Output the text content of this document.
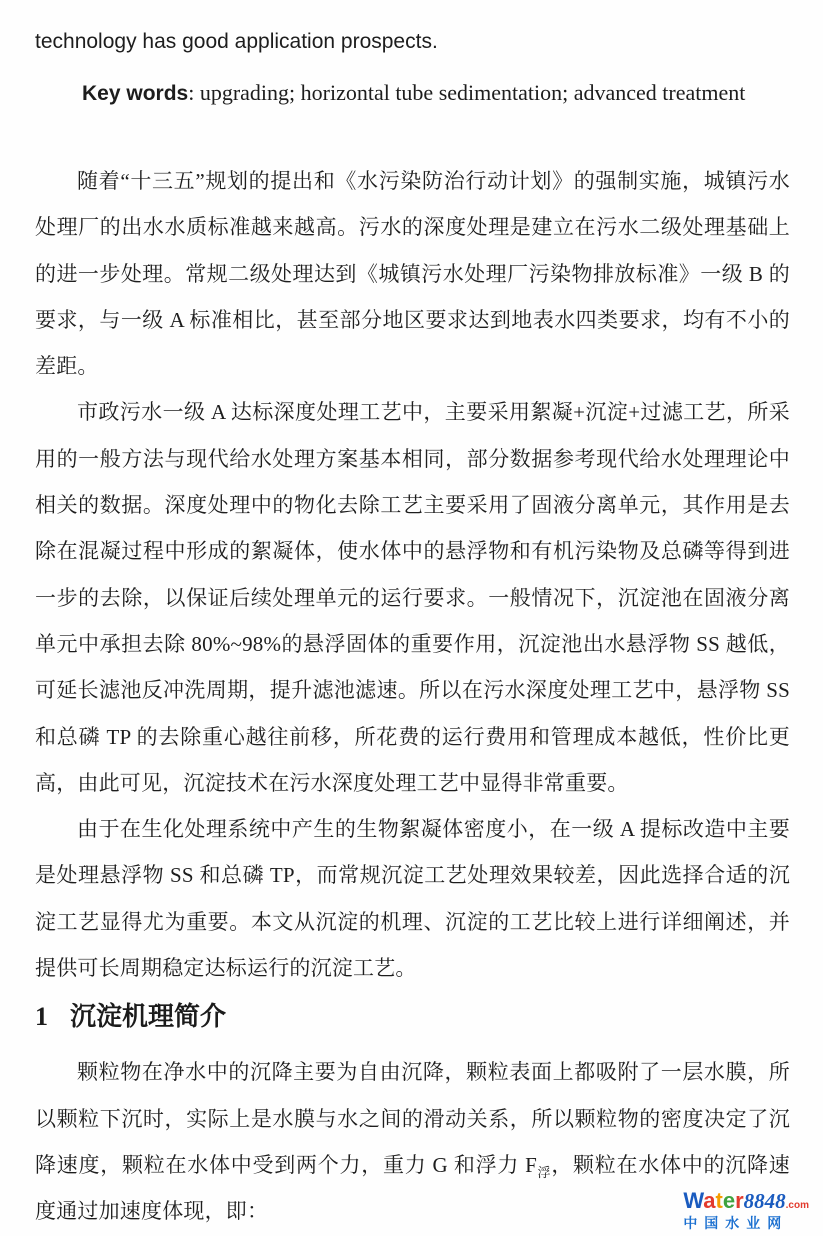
technology has good application prospects.

Key words: upgrading; horizontal tube sedimentation; advanced treatment

随着“十三五”规划的提出和《水污染防治行动计划》的强制实施，城镇污水处理厂的出水水质标准越来越高。污水的深度处理是建立在污水二级处理基础上的进一步处理。常规二级处理达到《城镇污水处理厂污染物排放标准》一级 B 的要求，与一级 A 标准相比，甚至部分地区要求达到地表水四类要求，均有不小的差距。

市政污水一级 A 达标深度处理工艺中，主要采用絮凝+沉淀+过滤工艺，所采用的一般方法与现代给水处理方案基本相同，部分数据参考现代给水处理理论中相关的数据。深度处理中的物化去除工艺主要采用了固液分离单元，其作用是去除在混凝过程中形成的絮凝体，使水体中的悬浮物和有机污染物及总磷等得到进一步的去除，以保证后续处理单元的运行要求。一般情况下，沉淀池在固液分离单元中承担去除 80%~98%的悬浮固体的重要作用，沉淀池出水悬浮物 SS 越低，可延长滤池反冲洗周期，提升滤池滤速。所以在污水深度处理工艺中，悬浮物 SS 和总磷 TP 的去除重心越往前移，所花费的运行费用和管理成本越低，性价比更高，由此可见，沉淀技术在污水深度处理工艺中显得非常重要。

由于在生化处理系统中产生的生物絮凝体密度小，在一级 A 提标改造中主要是处理悬浮物 SS 和总磷 TP，而常规沉淀工艺处理效果较差，因此选择合适的沉淀工艺显得尤为重要。本文从沉淀的机理、沉淀的工艺比较上进行详细阐述，并提供可长周期稳定达标运行的沉淀工艺。

1 沉淀机理简介

颗粒物在净水中的沉降主要为自由沉降，颗粒表面上都吸附了一层水膜，所以颗粒下沉时，实际上是水膜与水之间的滑动关系，所以颗粒物的密度决定了沉降速度，颗粒在水体中受到两个力，重力 G 和浮力 $F_浮$，颗粒在水体中的沉降速度通过加速度体现，即：	Water8848.com
中国水业网
